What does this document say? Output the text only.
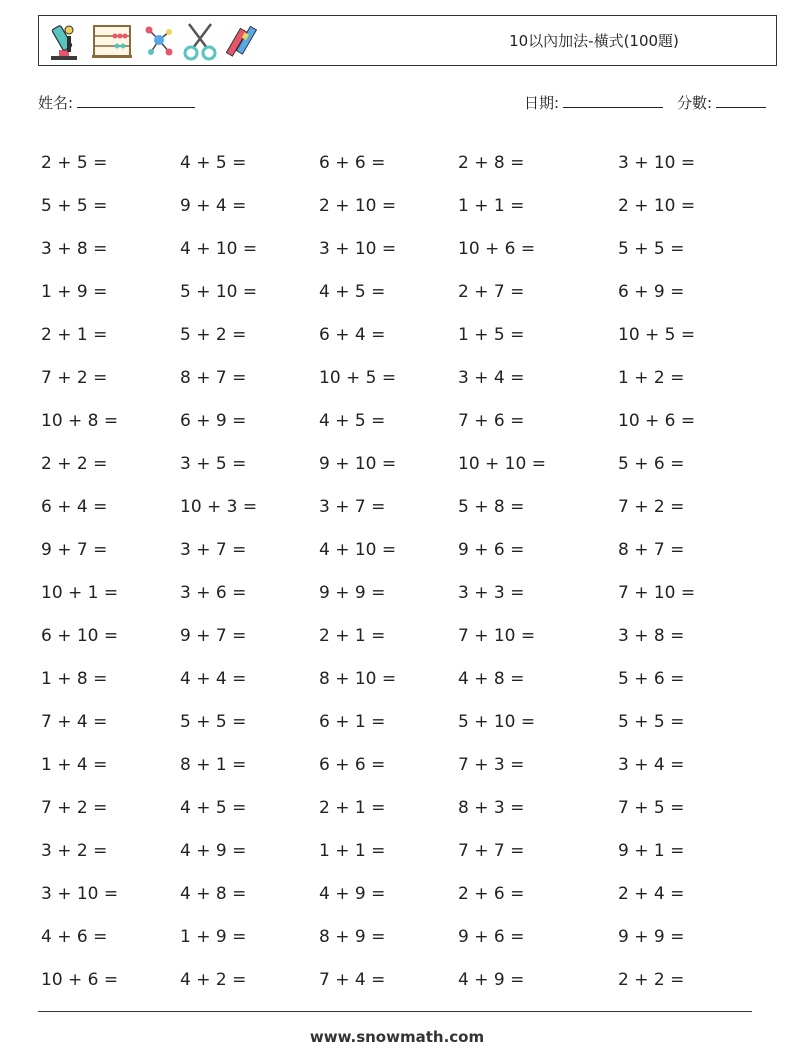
10以內加法-橫式(100題)
姓名:	日期:	分數:
2 + 5 =	4 + 5 =	6 + 6 =	2 + 8 =	3 + 10 =
5 + 5 =	9 + 4 =	2 + 10 =	1 + 1 =	2 + 10 =
3 + 8 =	4 + 10 =	3 + 10 =	10 + 6 =	5 + 5 =
1 + 9 =	5 + 10 =	4 + 5 =	2 + 7 =	6 + 9 =
2 + 1 =	5 + 2 =	6 + 4 =	1 + 5 =	10 + 5 =
7 + 2 =	8 + 7 =	10 + 5 =	3 + 4 =	1 + 2 =
10 + 8 =	6 + 9 =	4 + 5 =	7 + 6 =	10 + 6 =
2 + 2 =	3 + 5 =	9 + 10 =	10 + 10 =	5 + 6 =
6 + 4 =	10 + 3 =	3 + 7 =	5 + 8 =	7 + 2 =
9 + 7 =	3 + 7 =	4 + 10 =	9 + 6 =	8 + 7 =
10 + 1 =	3 + 6 =	9 + 9 =	3 + 3 =	7 + 10 =
6 + 10 =	9 + 7 =	2 + 1 =	7 + 10 =	3 + 8 =
1 + 8 =	4 + 4 =	8 + 10 =	4 + 8 =	5 + 6 =
7 + 4 =	5 + 5 =	6 + 1 =	5 + 10 =	5 + 5 =
1 + 4 =	8 + 1 =	6 + 6 =	7 + 3 =	3 + 4 =
7 + 2 =	4 + 5 =	2 + 1 =	8 + 3 =	7 + 5 =
3 + 2 =	4 + 9 =	1 + 1 =	7 + 7 =	9 + 1 =
3 + 10 =	4 + 8 =	4 + 9 =	2 + 6 =	2 + 4 =
4 + 6 =	1 + 9 =	8 + 9 =	9 + 6 =	9 + 9 =
10 + 6 =	4 + 2 =	7 + 4 =	4 + 9 =	2 + 2 =
www.snowmath.com
